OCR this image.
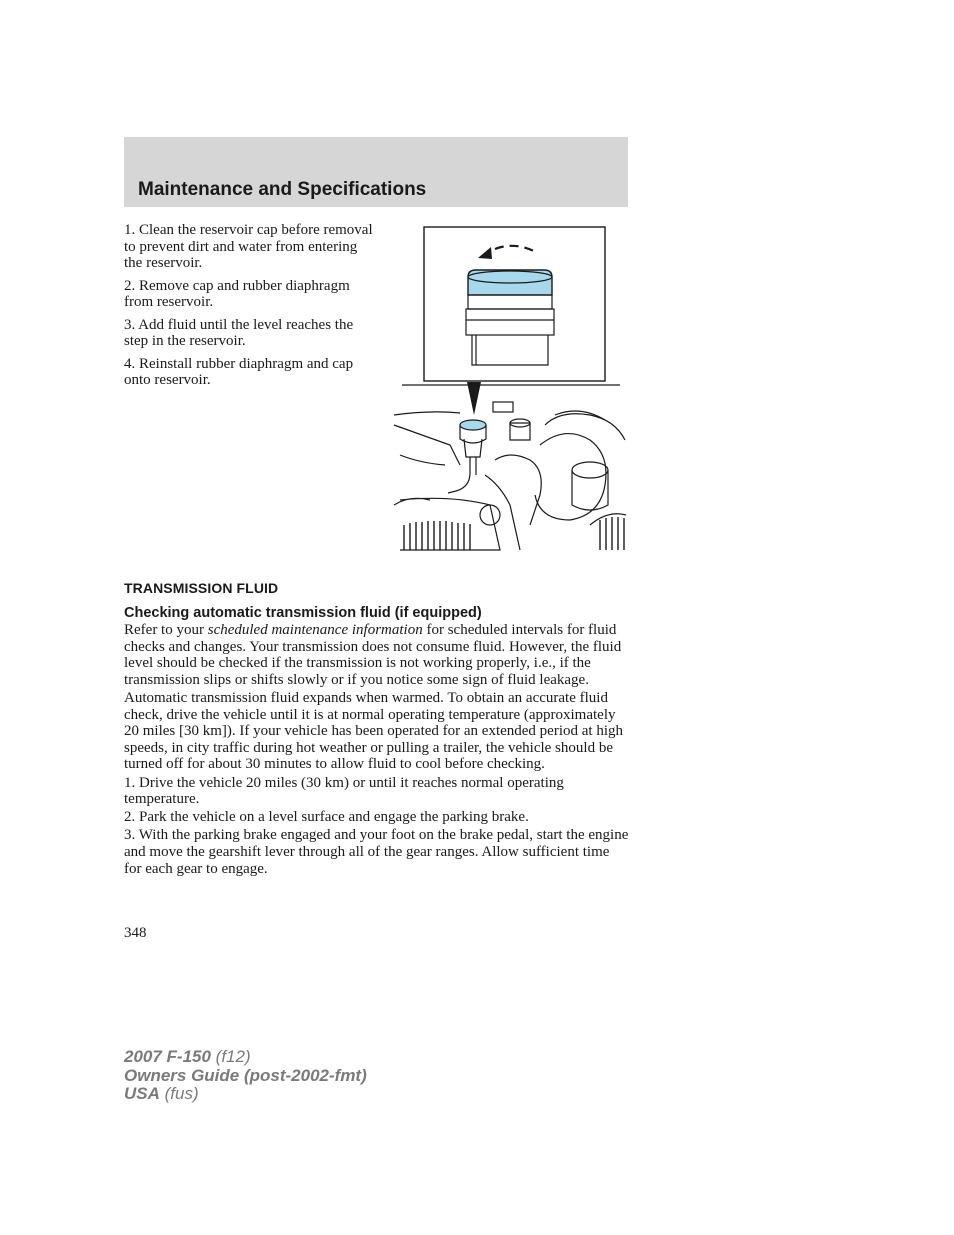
Maintenance and Specifications

1. Clean the reservoir cap before removal to prevent dirt and water from entering the reservoir.

2. Remove cap and rubber diaphragm from reservoir.

3. Add fluid until the level reaches the step in the reservoir.

4. Reinstall rubber diaphragm and cap onto reservoir.

TRANSMISSION FLUID
Checking automatic transmission fluid (if equipped)

Refer to your scheduled maintenance information for scheduled intervals for fluid checks and changes. Your transmission does not consume fluid. However, the fluid level should be checked if the transmission is not working properly, i.e., if the transmission slips or shifts slowly or if you notice some sign of fluid leakage.

Automatic transmission fluid expands when warmed. To obtain an accurate fluid check, drive the vehicle until it is at normal operating temperature (approximately 20 miles [30 km]). If your vehicle has been operated for an extended period at high speeds, in city traffic during hot weather or pulling a trailer, the vehicle should be turned off for about 30 minutes to allow fluid to cool before checking.

1. Drive the vehicle 20 miles (30 km) or until it reaches normal operating temperature.

2. Park the vehicle on a level surface and engage the parking brake.

3. With the parking brake engaged and your foot on the brake pedal, start the engine and move the gearshift lever through all of the gear ranges. Allow sufficient time for each gear to engage.

348
2007 F-150 (f12)
Owners Guide (post-2002-fmt)
USA (fus)
